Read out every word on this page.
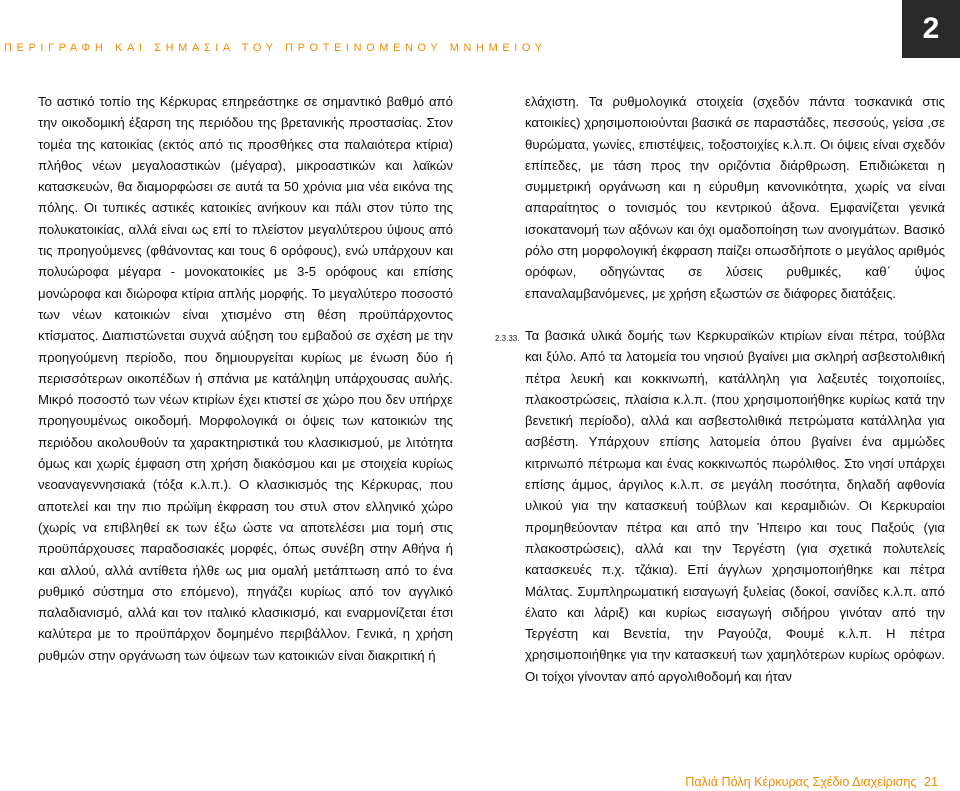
ΠΕΡΙΓΡΑΦΗ ΚΑΙ ΣΗΜΑΣΙΑ ΤΟΥ ΠΡΟΤΕΙΝΟΜΕΝΟΥ ΜΝΗΜΕΙΟΥ
2

Το αστικό τοπίο της Κέρκυρας επηρεάστηκε σε σημαντικό βαθμό από την οικοδομική έξαρση της περιόδου της βρετανικής προστασίας. Στον τομέα της κατοικίας (εκτός από τις προσθήκες στα παλαιότερα κτίρια) πλήθος νέων μεγαλοαστικών (μέγαρα), μικροαστικών και λαϊκών κατασκευών, θα διαμορφώσει σε αυτά τα 50 χρόνια μια νέα εικόνα της πόλης. Οι τυπικές αστικές κατοικίες ανήκουν και πάλι στον τύπο της πολυκατοικίας, αλλά είναι ως επί το πλείστον μεγαλύτερου ύψους από τις προηγούμενες (φθάνοντας και τους 6 ορόφους), ενώ υπάρχουν και πολυώροφα μέγαρα - μονοκατοικίες με 3-5 ορόφους και επίσης μονώροφα και διώροφα κτίρια απλής μορφής. Το μεγαλύτερο ποσοστό των νέων κατοικιών είναι χτισμένο στη θέση προϋπάρχοντος κτίσματος. Διαπιστώνεται συχνά αύξηση του εμβαδού σε σχέση με την προηγούμενη περίοδο, που δημιουργείται κυρίως με ένωση δύο ή περισσότερων οικοπέδων ή σπάνια με κατάληψη υπάρχουσας αυλής. Μικρό ποσοστό των νέων κτιρίων έχει κτιστεί σε χώρο που δεν υπήρχε προηγουμένως οικοδομή. Μορφολογικά οι όψεις των κατοικιών της περιόδου ακολουθούν τα χαρακτηριστικά του κλασικισμού, με λιτότητα όμως και χωρίς έμφαση στη χρήση διακόσμου και με στοιχεία κυρίως νεοαναγεννησιακά (τόξα κ.λ.π.). Ο κλασικισμός της Κέρκυρας, που αποτελεί και την πιο πρώϊμη έκφραση του στυλ στον ελληνικό χώρο (χωρίς να επιβληθεί εκ των έξω ώστε να αποτελέσει μια τομή στις προϋπάρχουσες παραδοσιακές μορφές, όπως συνέβη στην Αθήνα ή και αλλού, αλλά αντίθετα ήλθε ως μια ομαλή μετάπτωση από το ένα ρυθμικό σύστημα στο επόμενο), πηγάζει κυρίως από τον αγγλικό παλαδιανισμό, αλλά και τον ιταλικό κλασικισμό, και εναρμονίζεται έτσι καλύτερα με το προϋπάρχον δομημένο περιβάλλον. Γενικά, η χρήση ρυθμών στην οργάνωση των όψεων των κατοικιών είναι διακριτική ή

ελάχιστη. Τα ρυθμολογικά στοιχεία (σχεδόν πάντα τοσκανικά στις κατοικίες) χρησιμοποιούνται βασικά σε παραστάδες, πεσσούς, γείσα ,σε θυρώματα, γωνίες, επιστέψεις, τοξοστοιχίες κ.λ.π. Οι όψεις είναι σχεδόν επίπεδες, με τάση προς την οριζόντια διάρθρωση. Επιδιώκεται η συμμετρική οργάνωση και η εύρυθμη κανονικότητα, χωρίς να είναι απαραίτητος ο τονισμός του κεντρικού άξονα. Εμφανίζεται γενικά ισοκατανομή των αξόνων και όχι ομαδοποίηση των ανοιγμάτων. Βασικό ρόλο στη μορφολογική έκφραση παίζει οπωσδήποτε ο μεγάλος αριθμός ορόφων, οδηγώντας σε λύσεις ρυθμικές, καθ΄ ύψος επαναλαμβανόμενες, με χρήση εξωστών σε διάφορες διατάξεις.

2.3.33. Τα βασικά υλικά δομής των Κερκυραϊκών κτιρίων είναι πέτρα, τούβλα και ξύλο. Από τα λατομεία του νησιού βγαίνει μια σκληρή ασβεστολιθική πέτρα λευκή και κοκκινωπή, κατάλληλη για λαξευτές τοιχοποιίες, πλακοστρώσεις, πλαίσια κ.λ.π. (που χρησιμοποιήθηκε κυρίως κατά την βενετική περίοδο), αλλά και ασβεστολιθικά πετρώματα κατάλληλα για ασβέστη. Υπάρχουν επίσης λατομεία όπου βγαίνει ένα αμμώδες κιτρινωπό πέτρωμα και ένας κοκκινωπός πωρόλιθος. Στο νησί υπάρχει επίσης άμμος, άργιλος κ.λ.π. σε μεγάλη ποσότητα, δηλαδή αφθονία υλικού για την κατασκευή τούβλων και κεραμιδιών. Οι Κερκυραίοι προμηθεύονταν πέτρα και από την Ήπειρο και τους Παξούς (για πλακοστρώσεις), αλλά και την Τεργέστη (για σχετικά πολυτελείς κατασκευές π.χ. τζάκια). Επί άγγλων χρησιμοποιήθηκε και πέτρα Μάλτας. Συμπληρωματική εισαγωγή ξυλείας (δοκοί, σανίδες κ.λ.π. από έλατο και λάριξ) και κυρίως εισαγωγή σιδήρου γινόταν από την Τεργέστη και Βενετία, την Ραγούζα, Φουμέ κ.λ.π. Η πέτρα χρησιμοποιήθηκε για την κατασκευή των χαμηλότερων κυρίως ορόφων. Οι τοίχοι γίνονταν από αργολιθοδομή και ήταν

Παλιά Πόλη Κέρκυρας Σχέδιο Διαχείρισης 21
